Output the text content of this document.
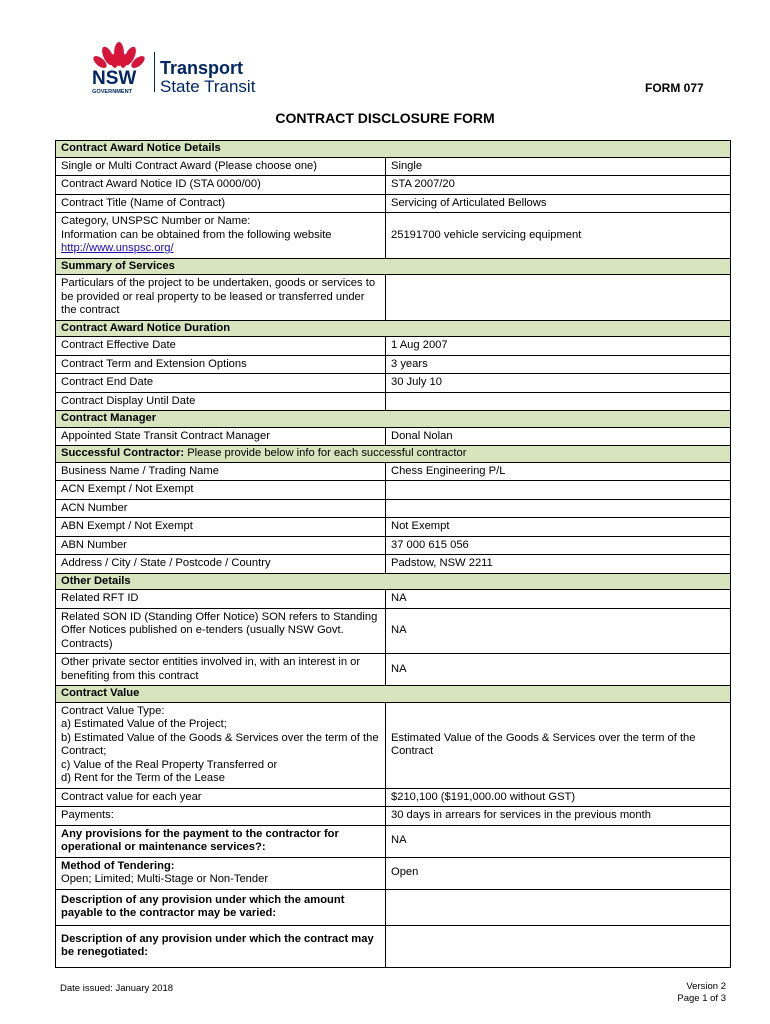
NSW
GOVERNMENT
Transport
State Transit	FORM 077
CONTRACT DISCLOSURE FORM
Contract Award Notice Details	
Single or Multi Contract Award (Please choose one)	Single
Contract Award Notice ID (STA 0000/00)	STA 2007/20
Contract Title (Name of Contract)	Servicing of Articulated Bellows
Category, UNSPSC Number or Name:
Information can be obtained from the following website
http://www.unspsc.org/	25191700 vehicle servicing equipment
Summary of Services	
Particulars of the project to be undertaken, goods or services to be provided or real property to be leased or transferred under the contract	
Contract Award Notice Duration	
Contract Effective Date	1 Aug 2007
Contract Term and Extension Options	3 years
Contract End Date	30 July 10
Contract Display Until Date	
Contract Manager	
Appointed State Transit Contract Manager	Donal Nolan
Successful Contractor: Please provide below info for each successful contractor	
Business Name / Trading Name	Chess Engineering P/L
ACN Exempt / Not Exempt	
ACN Number	
ABN Exempt / Not Exempt	Not Exempt
ABN Number	37 000 615 056
Address / City / State / Postcode / Country	Padstow, NSW 2211
Other Details	
Related RFT ID	NA
Related SON ID (Standing Offer Notice) SON refers to Standing Offer Notices published on e-tenders (usually NSW Govt. Contracts)	NA
Other private sector entities involved in, with an interest in or benefiting from this contract	NA
Contract Value	
Contract Value Type:
a) Estimated Value of the Project;
b) Estimated Value of the Goods & Services over the term of the Contract;
c) Value of the Real Property Transferred or
d) Rent for the Term of the Lease	Estimated Value of the Goods & Services over the term of the Contract
Contract value for each year	$210,100 ($191,000.00 without GST)
Payments:	30 days in arrears for services in the previous month
Any provisions for the payment to the contractor for operational or maintenance services?:	NA
Method of Tendering:
Open; Limited; Multi-Stage or Non-Tender	Open
Description of any provision under which the amount payable to the contractor may be varied:	
Description of any provision under which the contract may be renegotiated:	
Date issued: January 2018	Version 2
Page 1 of 3
